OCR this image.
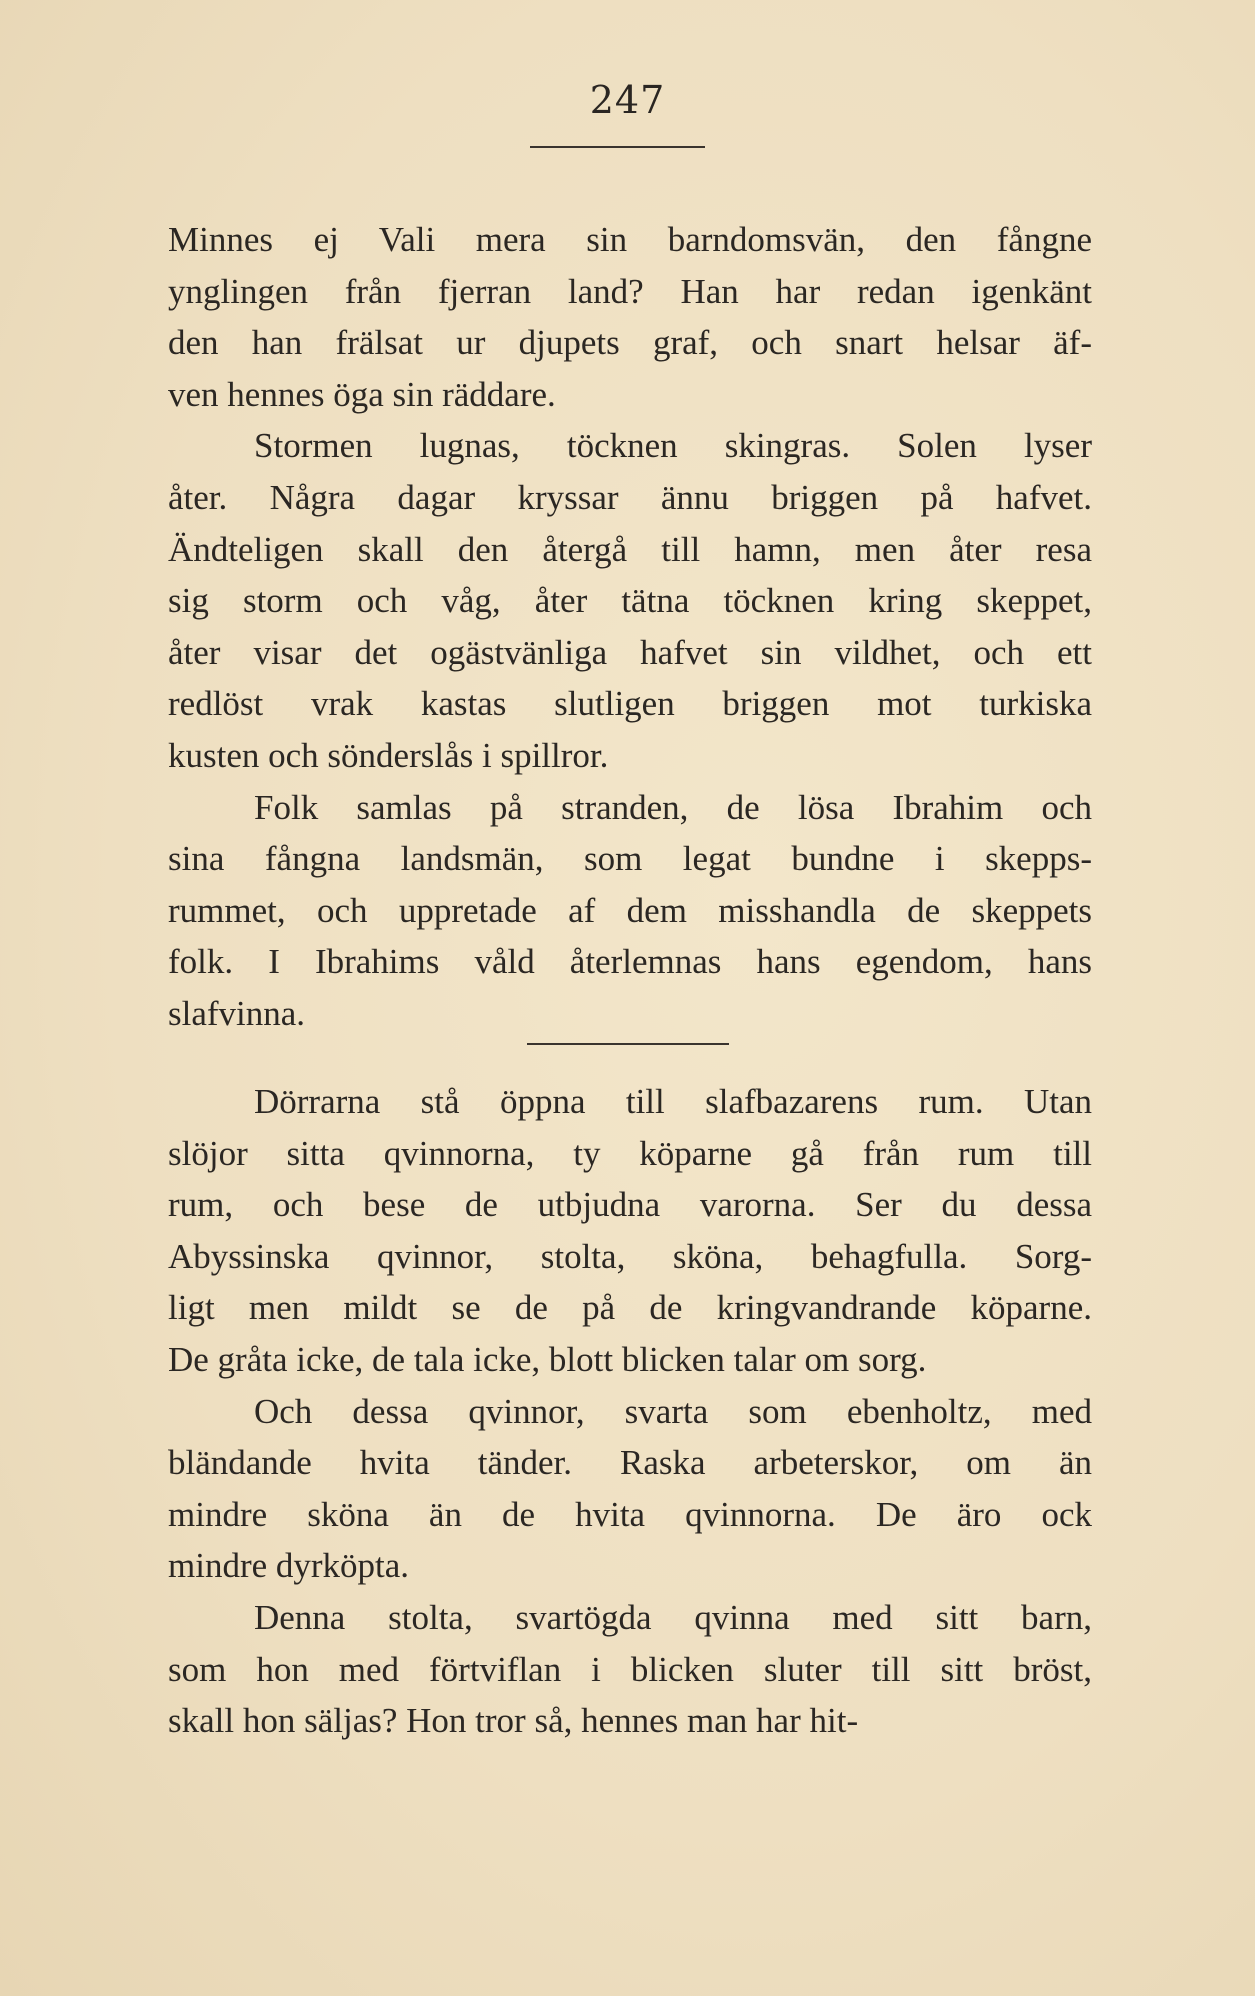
247

Minnes ej Vali mera sin barndomsvän, den fångne

ynglingen från fjerran land? Han har redan igenkänt

den han frälsat ur djupets graf, och snart helsar äf-

ven hennes öga sin räddare.

Stormen lugnas, töcknen skingras. Solen lyser

åter. Några dagar kryssar ännu briggen på hafvet.

Ändteligen skall den återgå till hamn, men åter resa

sig storm och våg, åter tätna töcknen kring skeppet,

åter visar det ogästvänliga hafvet sin vildhet, och ett

redlöst vrak kastas slutligen briggen mot turkiska

kusten och sönderslås i spillror.

Folk samlas på stranden, de lösa Ibrahim och

sina fångna landsmän, som legat bundne i skepps-

rummet, och uppretade af dem misshandla de skeppets

folk. I Ibrahims våld återlemnas hans egendom, hans

slafvinna.

Dörrarna stå öppna till slafbazarens rum. Utan

slöjor sitta qvinnorna, ty köparne gå från rum till

rum, och bese de utbjudna varorna. Ser du dessa

Abyssinska qvinnor, stolta, sköna, behagfulla. Sorg-

ligt men mildt se de på de kringvandrande köparne.

De gråta icke, de tala icke, blott blicken talar om sorg.

Och dessa qvinnor, svarta som ebenholtz, med

bländande hvita tänder. Raska arbeterskor, om än

mindre sköna än de hvita qvinnorna. De äro ock

mindre dyrköpta.

Denna stolta, svartögda qvinna med sitt barn,

som hon med förtviflan i blicken sluter till sitt bröst,

skall hon säljas? Hon tror så, hennes man har hit-
